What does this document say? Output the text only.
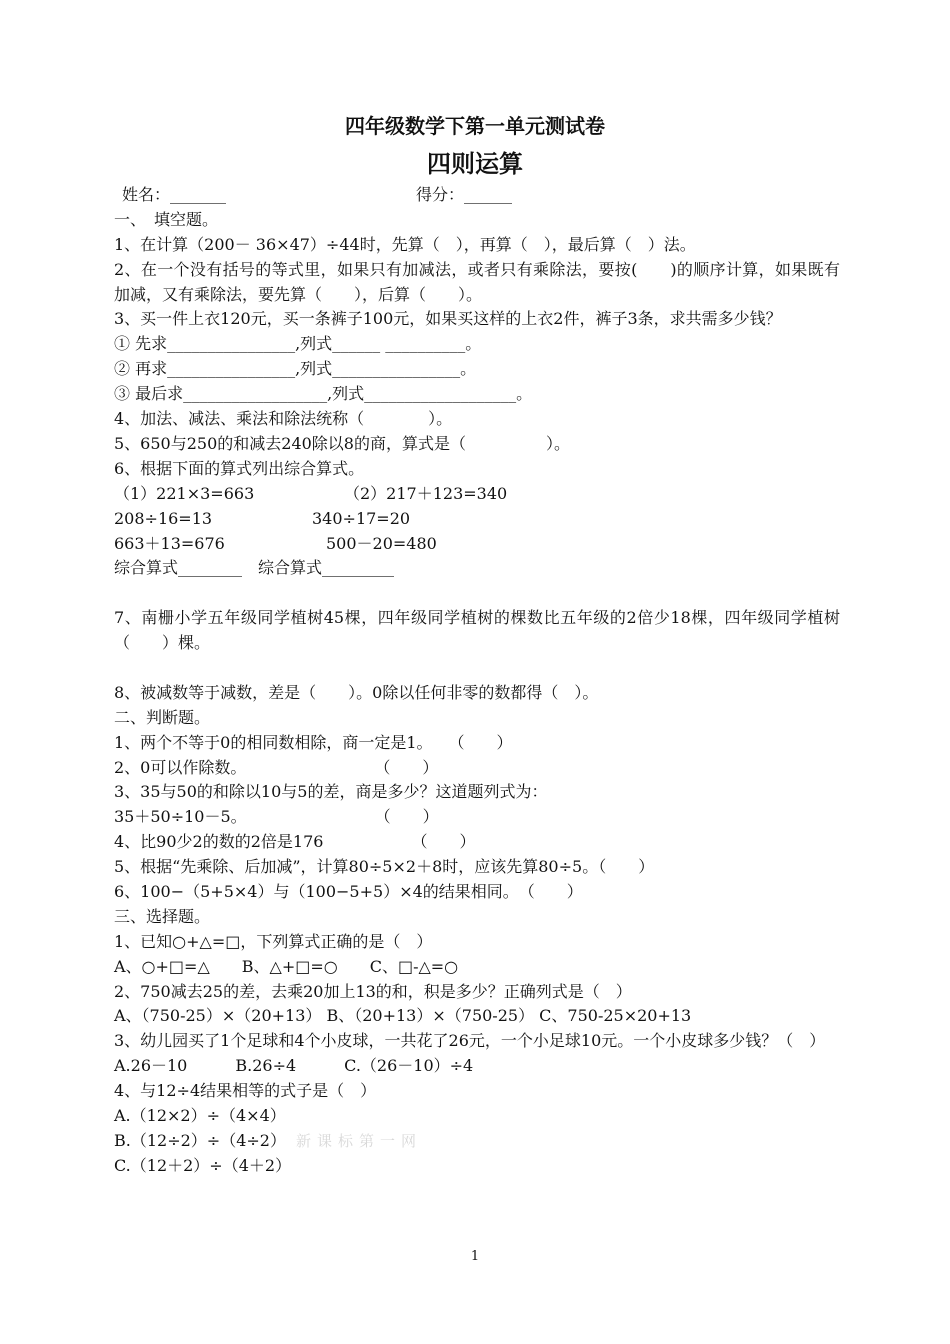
四年级数学下第一单元测试卷
四则运算
姓名：_______	得分：______
一、　填空题。
1、在计算（200－ 36×47）÷44时，先算（　），再算（　），最后算（　）法。
2、在一个没有括号的等式里，如果只有加减法，或者只有乘除法，要按(　　)的顺序计算，如果既有加减，又有乘除法，要先算（　　），后算（　　）。
3、买一件上衣120元，买一条裤子100元，如果买这样的上衣2件，裤子3条，求共需多少钱？
① 先求________________,列式______ __________。
② 再求________________,列式________________。
③ 最后求__________________,列式___________________。
4、加法、减法、乘法和除法统称（　　　　）。
5、650与250的和减去240除以8的商，算式是（　　　　　）。
6、根据下面的算式列出综合算式。
（1）221×3=663	（2）217＋123=340
208÷16=13	340÷17=20
663＋13=676	500－20=480
综合算式________　 综合算式_________
7、南栅小学五年级同学植树45棵，四年级同学植树的棵数比五年级的2倍少18棵，四年级同学植树（　　）棵。
8、被减数等于减数，差是（　　）。0除以任何非零的数都得（　）。
二、判断题。
1、两个不等于0的相同数相除，商一定是1。　　（　　）
2、0可以作除数。　　　　　　　　　（　　）
3、35与50的和除以10与5的差，商是多少？这道题列式为：
35＋50÷10－5。　　　　　　　　　（　　）
4、比90少2的数的2倍是176　　　　　　（　　）
5、根据“先乘除、后加减”，计算80÷5×2＋8时，应该先算80÷5。（　　）
6、100−（5+5×4）与（100−5+5）×4的结果相同。　（　　）
三、选择题。
1、已知○+△=□，下列算式正确的是（　）
A、○+□=△　　B、△+□=○　　C、□-△=○
2、750减去25的差，去乘20加上13的和，积是多少？正确列式是（　）
A、（750-25）×（20+13） B、（20+13）×（750-25） C、750-25×20+13
3、幼儿园买了1个足球和4个小皮球，一共花了26元，一个小足球10元。一个小皮球多少钱？（　）
A.26－10　　　B.26÷4　　　C.（26－10）÷4
4、与12÷4结果相等的式子是（　）
A.（12×2）÷（4×4）
B.（12÷2）÷（4÷2） 新课标第一网
C.（12＋2）÷（4＋2）
1
